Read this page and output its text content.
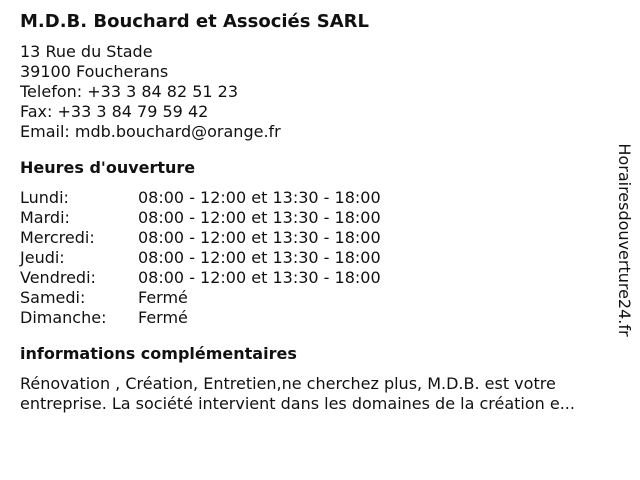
M.D.B. Bouchard et Associés SARL
13 Rue du Stade
39100 Foucherans
Telefon: +33 3 84 82 51 23
Fax: +33 3 84 79 59 42
Email: mdb.bouchard@orange.fr
Heures d'ouverture
Lundi:	08:00 - 12:00 et 13:30 - 18:00
Mardi:	08:00 - 12:00 et 13:30 - 18:00
Mercredi:	08:00 - 12:00 et 13:30 - 18:00
Jeudi:	08:00 - 12:00 et 13:30 - 18:00
Vendredi:	08:00 - 12:00 et 13:30 - 18:00
Samedi:	Fermé
Dimanche:	Fermé
informations complémentaires
Rénovation , Création, Entretien,ne cherchez plus, M.D.B. est votre
entreprise. La société intervient dans les domaines de la création e...
Horairesdouverture24.fr
